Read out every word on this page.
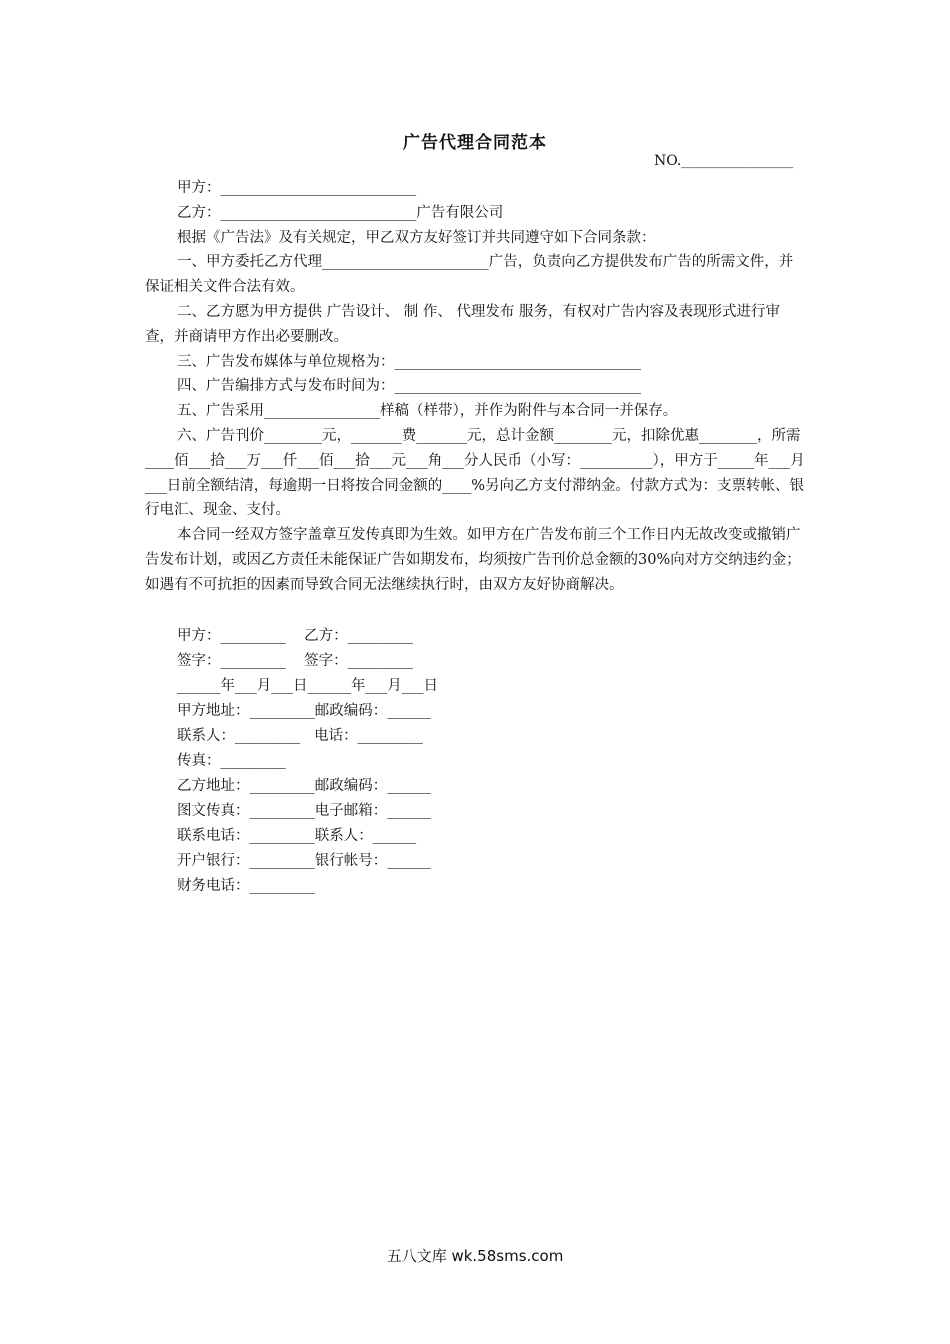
广告代理合同范本
NO.________________

甲方：___________________________

乙方：___________________________广告有限公司

根据《广告法》及有关规定，甲乙双方友好签订并共同遵守如下合同条款：

一、甲方委托乙方代理_______________________广告，负责向乙方提供发布广告的所需文件，并保证相关文件合法有效。

二、乙方愿为甲方提供 广告设计、 制 作、 代理发布 服务，有权对广告内容及表现形式进行审查，并商请甲方作出必要删改。

三、广告发布媒体与单位规格为：__________________________________

四、广告编排方式与发布时间为：__________________________________

五、广告采用________________样稿（样带），并作为附件与本合同一并保存。

六、广告刊价________元，_______费_______元，总计金额________元，扣除优惠________，所需____佰___拾___万___仟___佰___拾___元___角___分人民币（小写：__________），甲方于_____年___月___日前全额结清，每逾期一日将按合同金额的____%另向乙方支付滞纳金。付款方式为：支票转帐、银行电汇、现金、支付。

本合同一经双方签字盖章互发传真即为生效。如甲方在广告发布前三个工作日内无故改变或撤销广告发布计划，或因乙方责任未能保证广告如期发布，均须按广告刊价总金额的30%向对方交纳违约金；如遇有不可抗拒的因素而导致合同无法继续执行时，由双方友好协商解决。

甲方：_________    乙方：_________
签字：_________    签字：_________
______年___月___日______年___月___日
甲方地址：_________邮政编码：______
联系人：_________   电话：_________
传真：_________
乙方地址：_________邮政编码：______
图文传真：_________电子邮箱：______
联系电话：_________联系人：______
开户银行：_________银行帐号：______
财务电话：_________
五八文库 wk.58sms.com
